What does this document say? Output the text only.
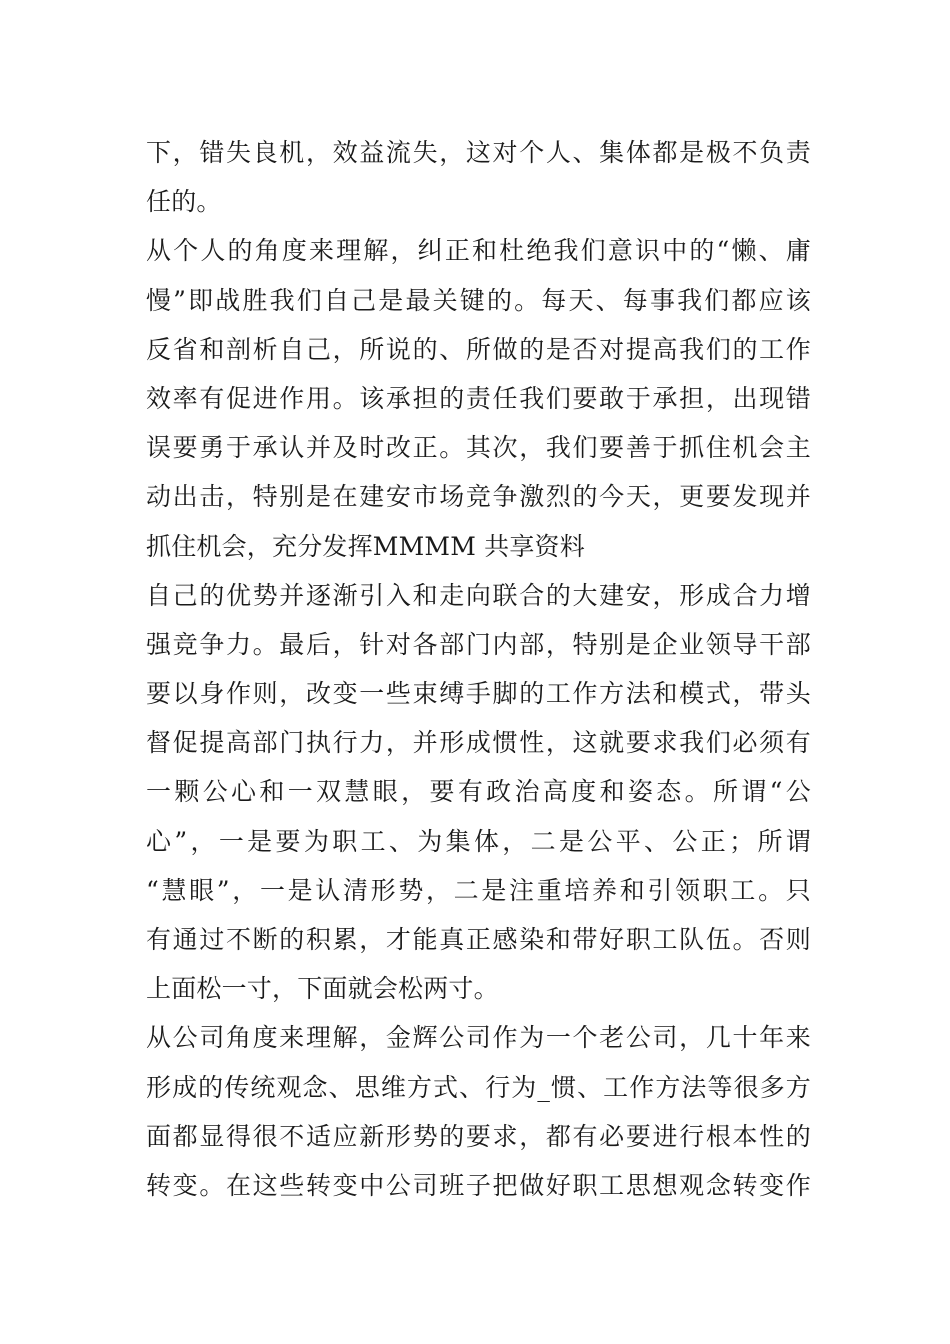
下，错失良机，效益流失，这对个人、集体都是极不负责
任的。
从个人的角度来理解，纠正和杜绝我们意识中的“懒、庸
慢”即战胜我们自己是最关键的。每天、每事我们都应该
反省和剖析自己，所说的、所做的是否对提高我们的工作
效率有促进作用。该承担的责任我们要敢于承担，出现错
误要勇于承认并及时改正。其次，我们要善于抓住机会主
动出击，特别是在建安市场竞争激烈的今天，更要发现并
抓住机会，充分发挥MMMM 共享资料
自己的优势并逐渐引入和走向联合的大建安，形成合力增
强竞争力。最后，针对各部门内部，特别是企业领导干部
要以身作则，改变一些束缚手脚的工作方法和模式，带头
督促提高部门执行力，并形成惯性，这就要求我们必须有
一颗公心和一双慧眼，要有政治高度和姿态。所谓“公
心”，一是要为职工、为集体，二是公平、公正；所谓
“慧眼”，一是认清形势，二是注重培养和引领职工。只
有通过不断的积累，才能真正感染和带好职工队伍。否则
上面松一寸，下面就会松两寸。
从公司角度来理解，金辉公司作为一个老公司，几十年来
形成的传统观念、思维方式、行为_惯、工作方法等很多方
面都显得很不适应新形势的要求，都有必要进行根本性的
转变。在这些转变中公司班子把做好职工思想观念转变作
